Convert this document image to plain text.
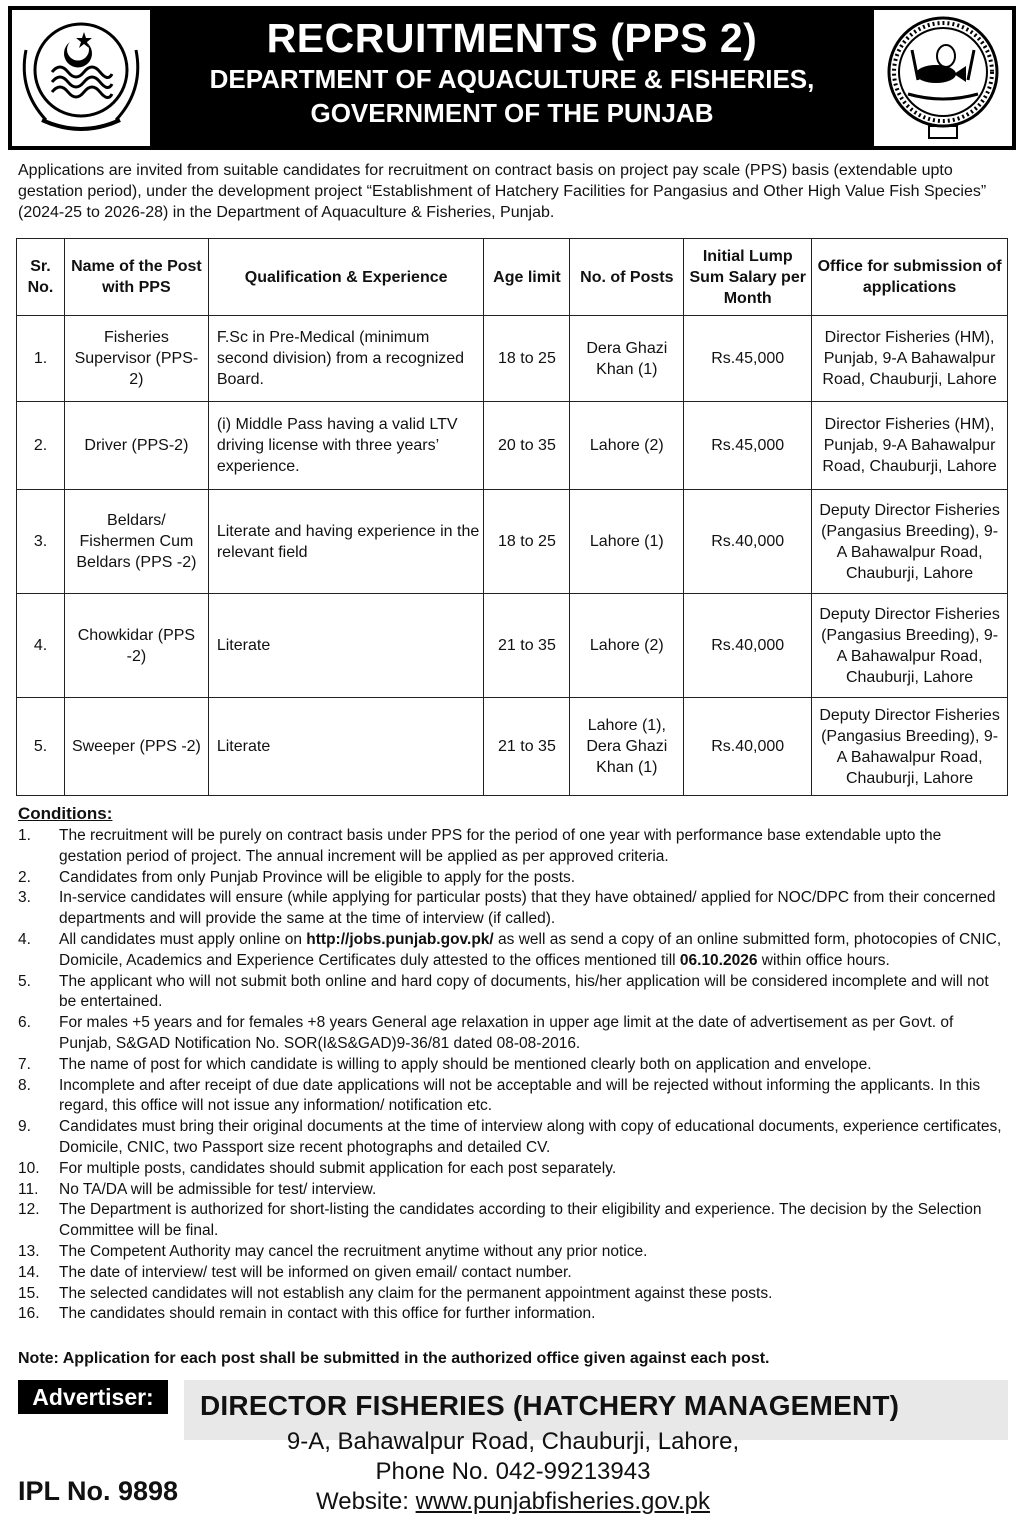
RECRUITMENTS (PPS 2)
DEPARTMENT OF AQUACULTURE & FISHERIES,
GOVERNMENT OF THE PUNJAB
Applications are invited from suitable candidates for recruitment on contract basis on project pay scale (PPS) basis (extendable upto gestation period), under the development project “Establishment of Hatchery Facilities for Pangasius and Other High Value Fish Species” (2024-25 to 2026-28) in the Department of Aquaculture & Fisheries, Punjab.
Sr. No.	Name of the Post with PPS	Qualification & Experience	Age limit	No. of Posts	Initial Lump Sum Salary per Month	Office for submission of applications
1.	Fisheries Supervisor (PPS-2)	F.Sc in Pre-Medical (minimum second division) from a recognized Board.	18 to 25	Dera Ghazi Khan (1)	Rs.45,000	Director Fisheries (HM), Punjab, 9-A Bahawalpur Road, Chauburji, Lahore
2.	Driver (PPS-2)	(i) Middle Pass having a valid LTV driving license with three years’ experience.	20 to 35	Lahore (2)	Rs.45,000	Director Fisheries (HM), Punjab, 9-A Bahawalpur Road, Chauburji, Lahore
3.	Beldars/ Fishermen Cum Beldars (PPS -2)	Literate and having experience in the relevant field	18 to 25	Lahore (1)	Rs.40,000	Deputy Director Fisheries (Pangasius Breeding), 9-A Bahawalpur Road, Chauburji, Lahore
4.	Chowkidar (PPS -2)	Literate	21 to 35	Lahore (2)	Rs.40,000	Deputy Director Fisheries (Pangasius Breeding), 9-A Bahawalpur Road, Chauburji, Lahore
5.	Sweeper (PPS -2)	Literate	21 to 35	Lahore (1), Dera Ghazi Khan (1)	Rs.40,000	Deputy Director Fisheries (Pangasius Breeding), 9-A Bahawalpur Road, Chauburji, Lahore
Conditions:
1. The recruitment will be purely on contract basis under PPS for the period of one year with performance base extendable upto the gestation period of project. The annual increment will be applied as per approved criteria.
2. Candidates from only Punjab Province will be eligible to apply for the posts.
3. In-service candidates will ensure (while applying for particular posts) that they have obtained/ applied for NOC/DPC from their concerned departments and will provide the same at the time of interview (if called).
4. All candidates must apply online on http://jobs.punjab.gov.pk/ as well as send a copy of an online submitted form, photocopies of CNIC, Domicile, Academics and Experience Certificates duly attested to the offices mentioned till 06.10.2026 within office hours.
5. The applicant who will not submit both online and hard copy of documents, his/her application will be considered incomplete and will not be entertained.
6. For males +5 years and for females +8 years General age relaxation in upper age limit at the date of advertisement as per Govt. of Punjab, S&GAD Notification No. SOR(I&S&GAD)9-36/81 dated 08-08-2016.
7. The name of post for which candidate is willing to apply should be mentioned clearly both on application and envelope.
8. Incomplete and after receipt of due date applications will not be acceptable and will be rejected without informing the applicants. In this regard, this office will not issue any information/ notification etc.
9. Candidates must bring their original documents at the time of interview along with copy of educational documents, experience certificates, Domicile, CNIC, two Passport size recent photographs and detailed CV.
10. For multiple posts, candidates should submit application for each post separately.
11. No TA/DA will be admissible for test/ interview.
12. The Department is authorized for short-listing the candidates according to their eligibility and experience. The decision by the Selection Committee will be final.
13. The Competent Authority may cancel the recruitment anytime without any prior notice.
14. The date of interview/ test will be informed on given email/ contact number.
15. The selected candidates will not establish any claim for the permanent appointment against these posts.
16. The candidates should remain in contact with this office for further information.
Note: Application for each post shall be submitted in the authorized office given against each post.
Advertiser:	DIRECTOR FISHERIES (HATCHERY MANAGEMENT)
9-A, Bahawalpur Road, Chauburji, Lahore,
Phone No. 042-99213943
Website: www.punjabfisheries.gov.pk
IPL No. 9898
